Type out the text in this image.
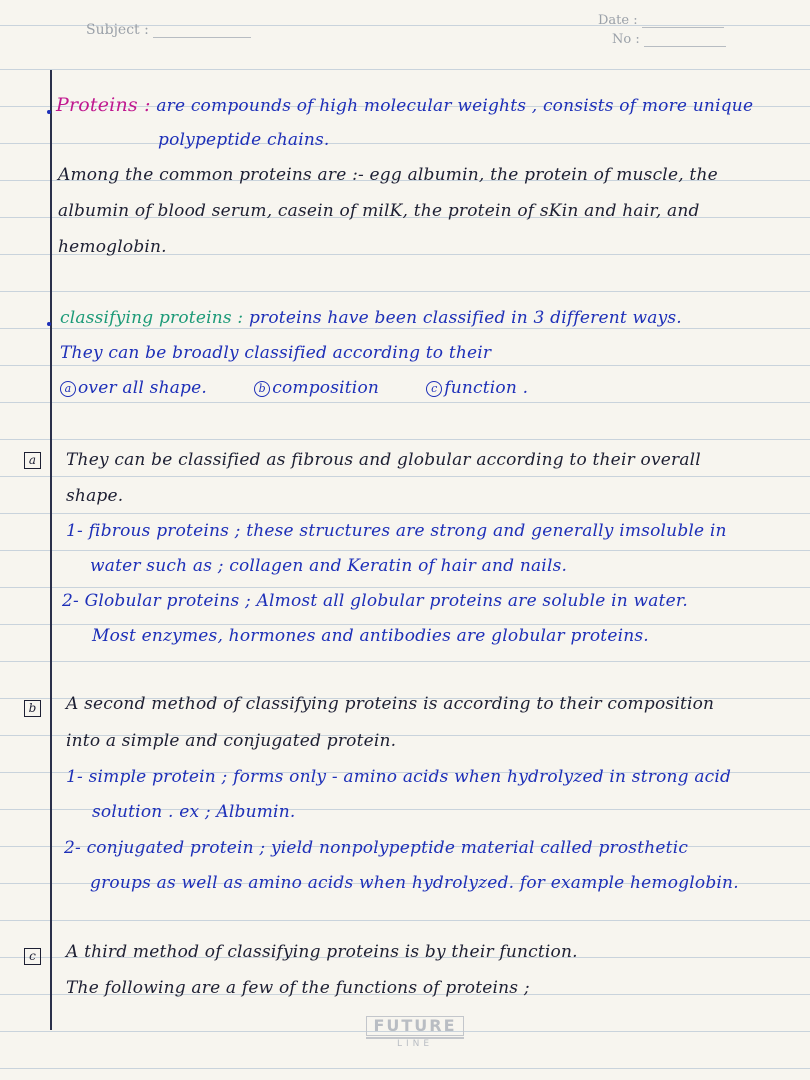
Subject :
Date :
No :
Proteins : are compounds of high molecular weights , consists of more unique
polypeptide chains.
Among the common proteins are :- egg albumin, the protein of muscle, the
albumin of blood serum, casein of milK, the protein of sKin and hair, and
hemoglobin.
classifying proteins : proteins have been classified in 3 different ways.
They can be broadly classified according to their
a over all shape.	b composition	c function .
a They can be classified as fibrous and globular according to their overall
shape.
1- fibrous proteins ; these structures are strong and generally imsoluble in
water such as ; collagen and Keratin of hair and nails.
2- Globular proteins ; Almost all globular proteins are soluble in water.
Most enzymes, hormones and antibodies are globular proteins.
b A second method of classifying proteins is according to their composition
into a simple and conjugated protein.
1- simple protein ; forms only - amino acids when hydrolyzed in strong acid
solution . ex ; Albumin.
2- conjugated protein ; yield nonpolypeptide material called prosthetic
groups as well as amino acids when hydrolyzed. for example hemoglobin.
c	A third method of classifying proteins is by their function.
The following are a few of the functions of proteins ;
FUTURE
LINE
